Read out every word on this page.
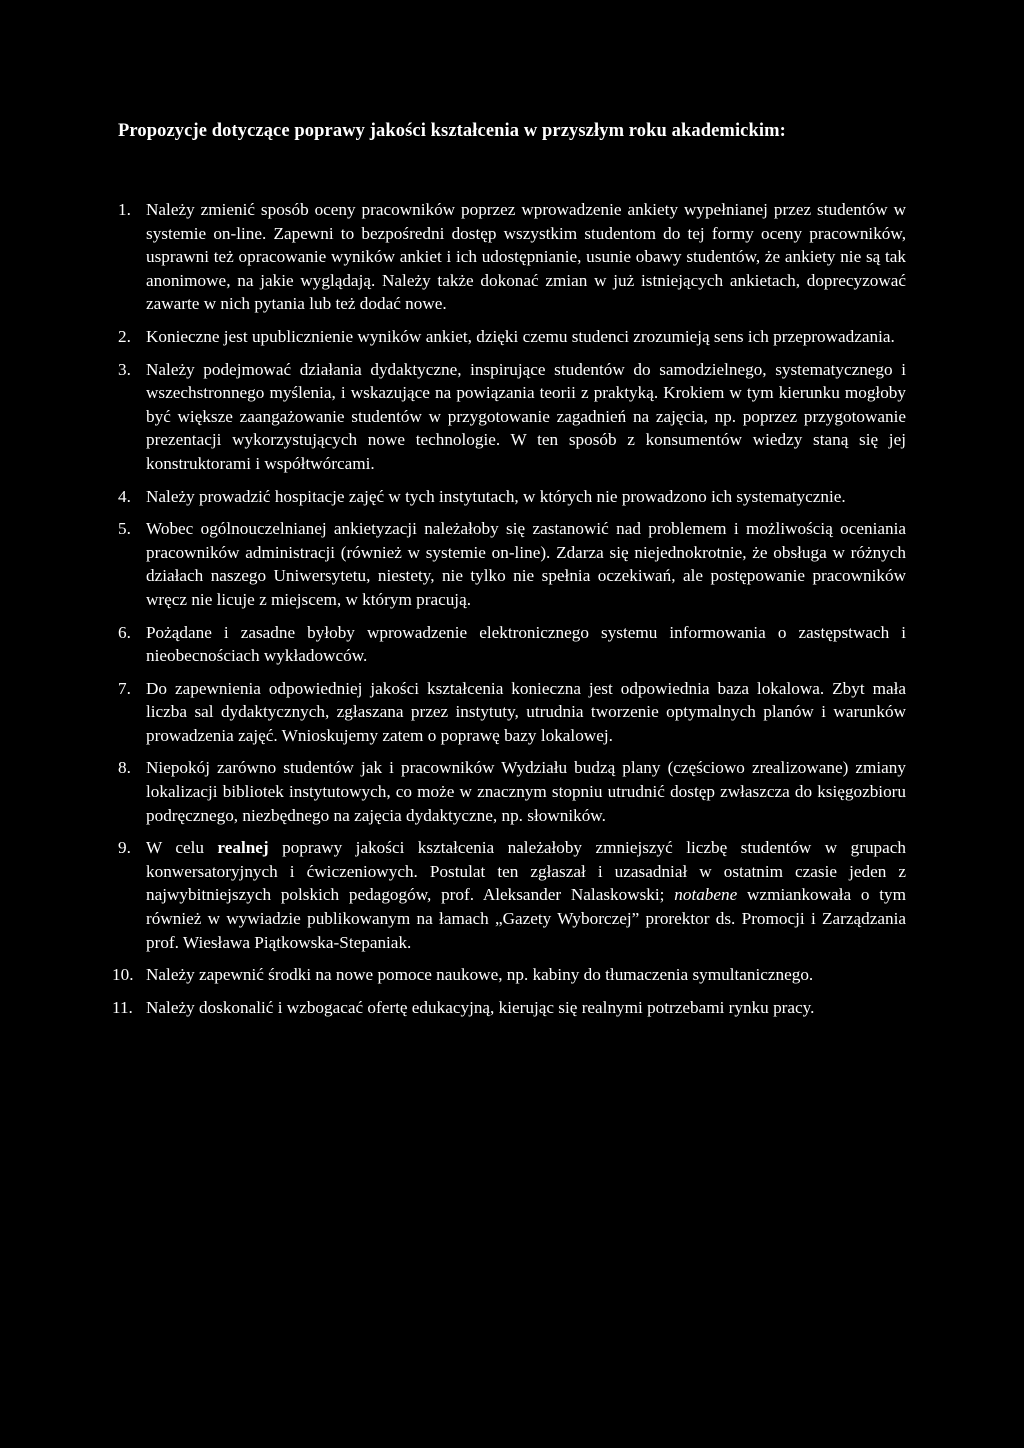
Propozycje dotyczące poprawy jakości kształcenia w przyszłym roku akademickim:
1. Należy zmienić sposób oceny pracowników poprzez wprowadzenie ankiety wypełnianej przez studentów w systemie on-line. Zapewni to bezpośredni dostęp wszystkim studentom do tej formy oceny pracowników, usprawni też opracowanie wyników ankiet i ich udostępnianie, usunie obawy studentów, że ankiety nie są tak anonimowe, na jakie wyglądają. Należy także dokonać zmian w już istniejących ankietach, doprecyzować zawarte w nich pytania lub też dodać nowe.
2. Konieczne jest upublicznienie wyników ankiet, dzięki czemu studenci zrozumieją sens ich przeprowadzania.
3. Należy podejmować działania dydaktyczne, inspirujące studentów do samodzielnego, systematycznego i wszechstronnego myślenia, i wskazujące na powiązania teorii z praktyką. Krokiem w tym kierunku mogłoby być większe zaangażowanie studentów w przygotowanie zagadnień na zajęcia, np. poprzez przygotowanie prezentacji wykorzystujących nowe technologie. W ten sposób z konsumentów wiedzy staną się jej konstruktorami i współtwórcami.
4. Należy prowadzić hospitacje zajęć w tych instytutach, w których nie prowadzono ich systematycznie.
5. Wobec ogólnouczelnianej ankietyzacji należałoby się zastanowić nad problemem i możliwością oceniania pracowników administracji (również w systemie on-line). Zdarza się niejednokrotnie, że obsługa w różnych działach naszego Uniwersytetu, niestety, nie tylko nie spełnia oczekiwań, ale postępowanie pracowników wręcz nie licuje z miejscem, w którym pracują.
6. Pożądane i zasadne byłoby wprowadzenie elektronicznego systemu informowania o zastępstwach i nieobecnościach wykładowców.
7. Do zapewnienia odpowiedniej jakości kształcenia konieczna jest odpowiednia baza lokalowa. Zbyt mała liczba sal dydaktycznych, zgłaszana przez instytuty, utrudnia tworzenie optymalnych planów i warunków prowadzenia zajęć. Wnioskujemy zatem o poprawę bazy lokalowej.
8. Niepokój zarówno studentów jak i pracowników Wydziału budzą plany (częściowo zrealizowane) zmiany lokalizacji bibliotek instytutowych, co może w znacznym stopniu utrudnić dostęp zwłaszcza do księgozbioru podręcznego, niezbędnego na zajęcia dydaktyczne, np. słowników.
9. W celu realnej poprawy jakości kształcenia należałoby zmniejszyć liczbę studentów w grupach konwersatoryjnych i ćwiczeniowych. Postulat ten zgłaszał i uzasadniał w ostatnim czasie jeden z najwybitniejszych polskich pedagogów, prof. Aleksander Nalaskowski; notabene wzmiankowała o tym również w wywiadzie publikowanym na łamach „Gazety Wyborczej” prorektor ds. Promocji i Zarządzania prof. Wiesława Piątkowska-Stepaniak.
10. Należy zapewnić środki na nowe pomoce naukowe, np. kabiny do tłumaczenia symultanicznego.
11. Należy doskonalić i wzbogacać ofertę edukacyjną, kierując się realnymi potrzebami rynku pracy.
